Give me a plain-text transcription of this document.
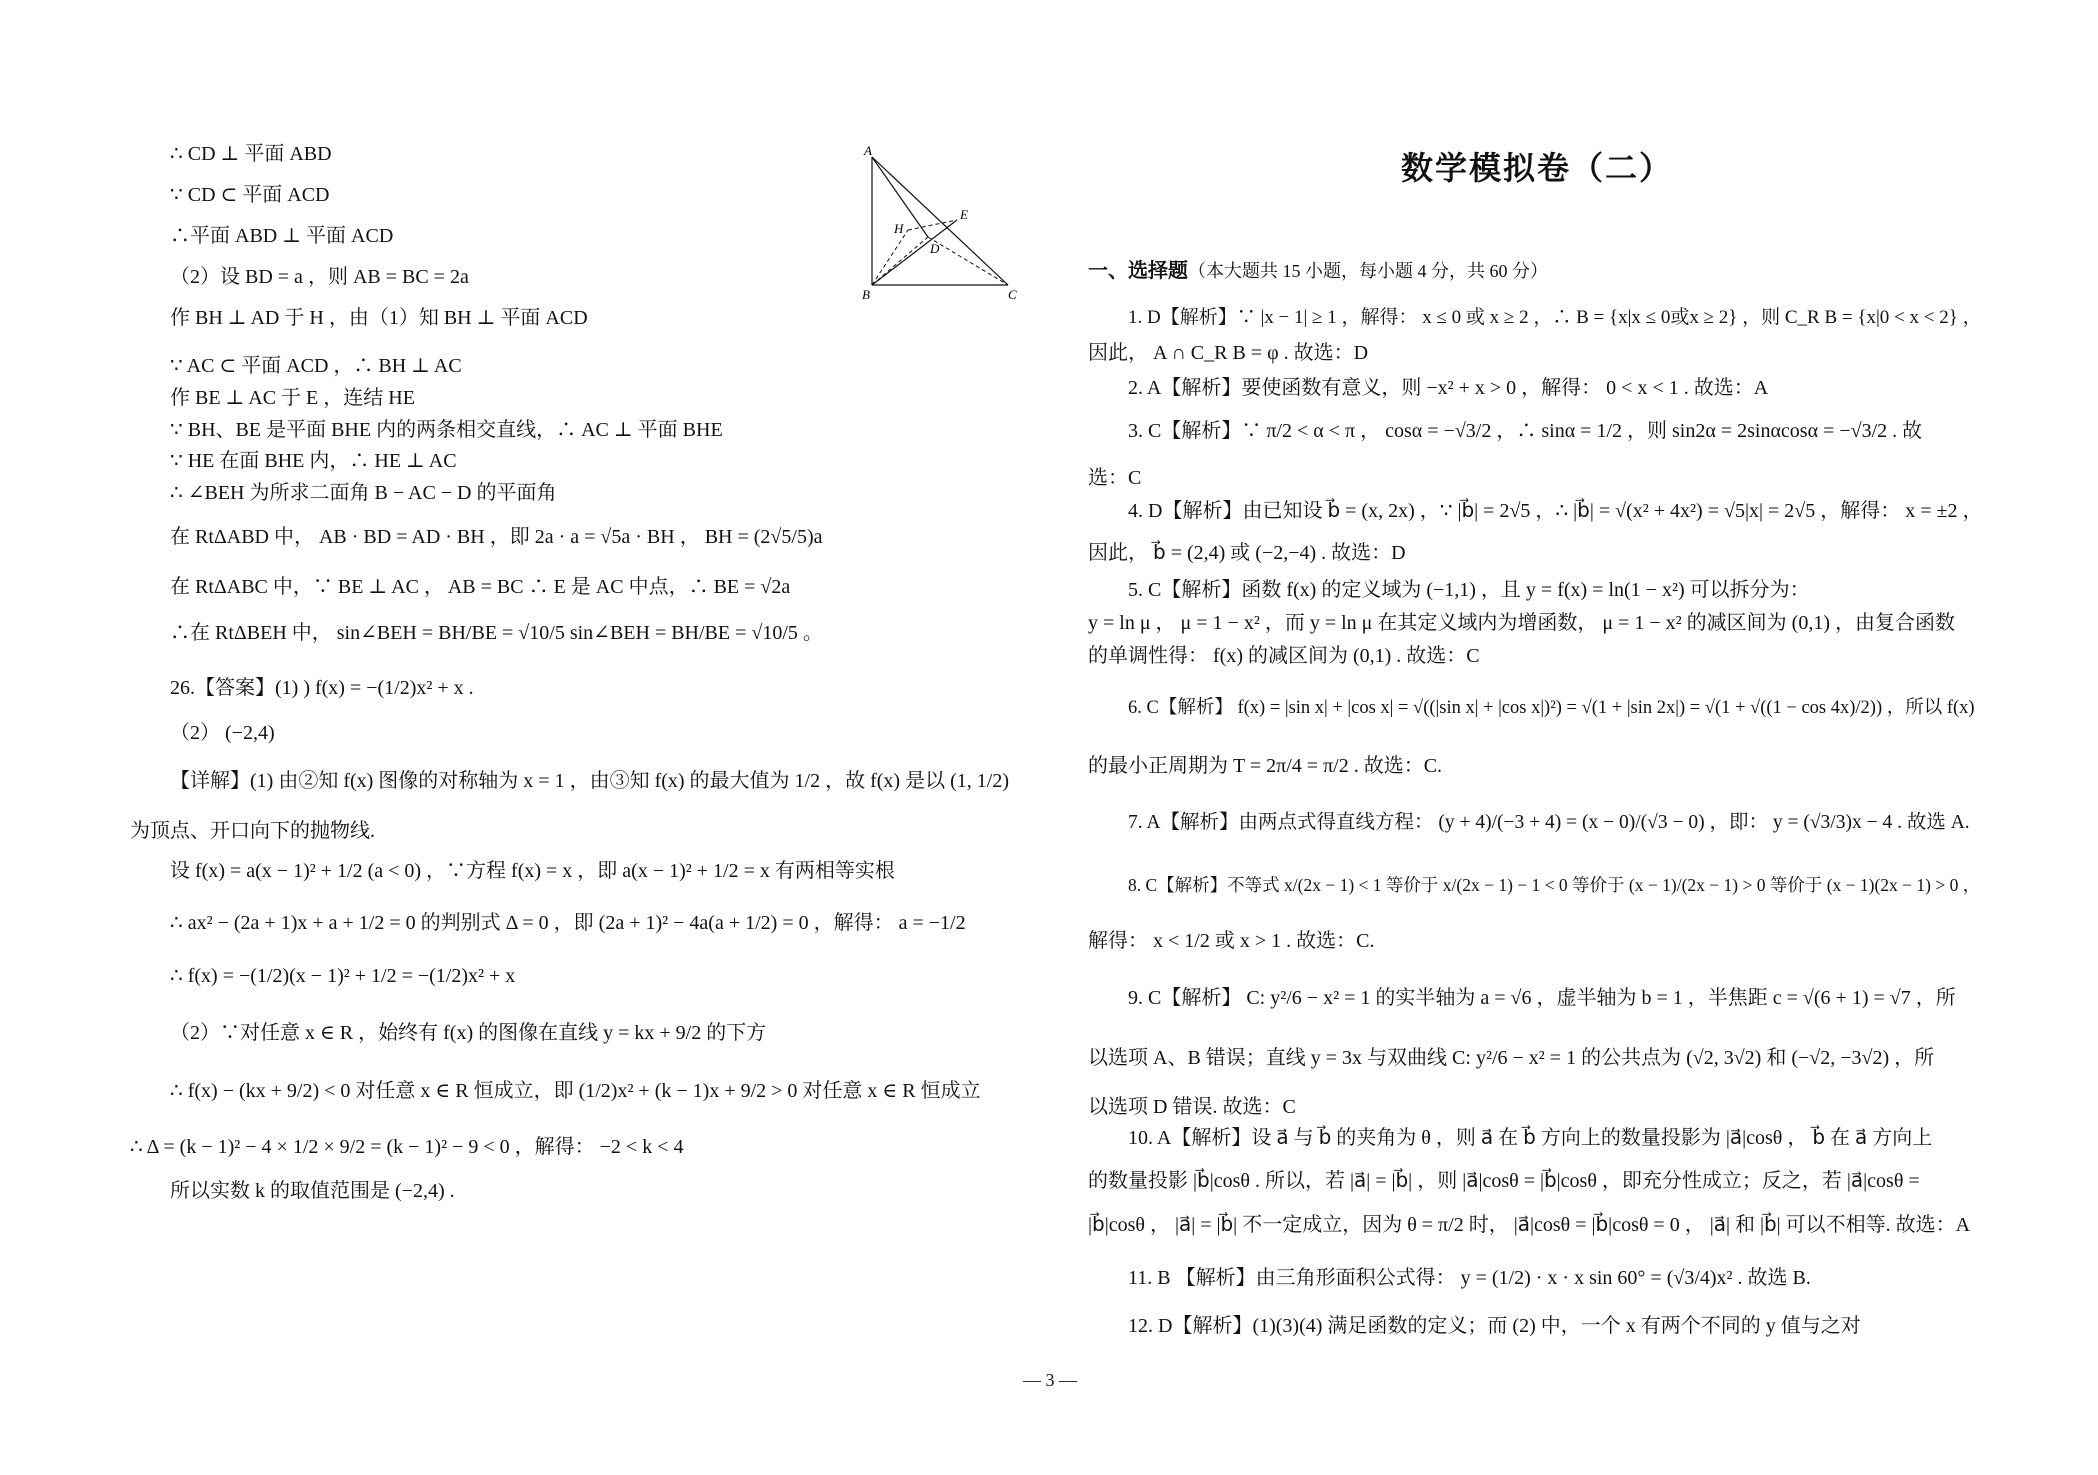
∴ CD ⊥ 平面 ABD
∵ CD ⊂ 平面 ACD
∴平面 ABD ⊥ 平面 ACD
（2）设 BD = a ，则 AB = BC = 2a
作 BH ⊥ AD 于 H ，由（1）知 BH ⊥ 平面 ACD
∵ AC ⊂ 平面 ACD ，∴ BH ⊥ AC
作 BE ⊥ AC 于 E ，连结 HE
∵ BH、BE 是平面 BHE 内的两条相交直线，∴ AC ⊥ 平面 BHE
∵ HE 在面 BHE 内，∴ HE ⊥ AC
∴ ∠BEH 为所求二面角 B − AC − D 的平面角
在 RtΔABD 中， AB · BD = AD · BH ，即 2a · a = √5a · BH ， BH = (2√5/5)a
在 RtΔABC 中，∵ BE ⊥ AC ， AB = BC ∴ E 是 AC 中点，∴ BE = √2a
∴在 RtΔBEH 中， sin∠BEH = BH/BE = √10/5 sin∠BEH = BH/BE = √10/5 。
26.【答案】(1) ) f(x) = −(1/2)x² + x .
（2） (−2,4)
【详解】(1) 由②知 f(x) 图像的对称轴为 x = 1 ，由③知 f(x) 的最大值为 1/2 ，故 f(x) 是以 (1, 1/2)
为顶点、开口向下的抛物线.
设 f(x) = a(x − 1)² + 1/2 (a < 0) ，∵方程 f(x) = x ，即 a(x − 1)² + 1/2 = x 有两相等实根
∴ ax² − (2a + 1)x + a + 1/2 = 0 的判别式 Δ = 0 ，即 (2a + 1)² − 4a(a + 1/2) = 0 ，解得： a = −1/2
∴ f(x) = −(1/2)(x − 1)² + 1/2 = −(1/2)x² + x
（2）∵对任意 x ∈ R ，始终有 f(x) 的图像在直线 y = kx + 9/2 的下方
∴ f(x) − (kx + 9/2) < 0 对任意 x ∈ R 恒成立，即 (1/2)x² + (k − 1)x + 9/2 > 0 对任意 x ∈ R 恒成立
∴ Δ = (k − 1)² − 4 × 1/2 × 9/2 = (k − 1)² − 9 < 0 ，解得： −2 < k < 4
所以实数 k 的取值范围是 (−2,4) .
A
B	C
D
E
H
数学模拟卷（二）
一、选择题（本大题共 15 小题，每小题 4 分，共 60 分）
1. D【解析】∵ |x − 1| ≥ 1 ，解得： x ≤ 0 或 x ≥ 2 ，∴ B = {x|x ≤ 0或x ≥ 2} ，则 C_R B = {x|0 < x < 2} ，
因此， A ∩ C_R B = φ . 故选：D
2. A【解析】要使函数有意义，则 −x² + x > 0 ，解得： 0 < x < 1 . 故选：A
3. C【解析】∵ π/2 < α < π ， cosα = −√3/2 ，∴ sinα = 1/2 ，则 sin2α = 2sinαcosα = −√3/2 . 故
选：C
4. D【解析】由已知设 b⃗ = (x, 2x) ，∵ |b⃗| = 2√5 ，∴ |b⃗| = √(x² + 4x²) = √5|x| = 2√5 ，解得： x = ±2 ，
因此， b⃗ = (2,4) 或 (−2,−4) . 故选：D
5. C【解析】函数 f(x) 的定义域为 (−1,1) ，且 y = f(x) = ln(1 − x²) 可以拆分为：
y = ln μ ， μ = 1 − x² ，而 y = ln μ 在其定义域内为增函数， μ = 1 − x² 的减区间为 (0,1) ，由复合函数
的单调性得： f(x) 的减区间为 (0,1) . 故选：C
6. C【解析】 f(x) = |sin x| + |cos x| = √((|sin x| + |cos x|)²) = √(1 + |sin 2x|) = √(1 + √((1 − cos 4x)/2)) ，所以 f(x)
的最小正周期为 T = 2π/4 = π/2 . 故选：C.
7. A【解析】由两点式得直线方程： (y + 4)/(−3 + 4) = (x − 0)/(√3 − 0) ，即： y = (√3/3)x − 4 . 故选 A.
8. C【解析】不等式 x/(2x − 1) < 1 等价于 x/(2x − 1) − 1 < 0 等价于 (x − 1)/(2x − 1) > 0 等价于 (x − 1)(2x − 1) > 0 ，
解得： x < 1/2 或 x > 1 . 故选：C.
9. C【解析】 C: y²/6 − x² = 1 的实半轴为 a = √6 ，虚半轴为 b = 1 ，半焦距 c = √(6 + 1) = √7 ，所
以选项 A、B 错误；直线 y = 3x 与双曲线 C: y²/6 − x² = 1 的公共点为 (√2, 3√2) 和 (−√2, −3√2) ，所
以选项 D 错误. 故选：C
10. A【解析】设 a⃗ 与 b⃗ 的夹角为 θ ，则 a⃗ 在 b⃗ 方向上的数量投影为 |a⃗|cosθ ， b⃗ 在 a⃗ 方向上
的数量投影 |b⃗|cosθ . 所以，若 |a⃗| = |b⃗| ，则 |a⃗|cosθ = |b⃗|cosθ ，即充分性成立；反之，若 |a⃗|cosθ =
|b⃗|cosθ ， |a⃗| = |b⃗| 不一定成立，因为 θ = π/2 时， |a⃗|cosθ = |b⃗|cosθ = 0 ， |a⃗| 和 |b⃗| 可以不相等. 故选：A
11. B 【解析】由三角形面积公式得： y = (1/2) · x · x sin 60° = (√3/4)x² . 故选 B.
12. D【解析】(1)(3)(4) 满足函数的定义；而 (2) 中，一个 x 有两个不同的 y 值与之对
— 3 —
